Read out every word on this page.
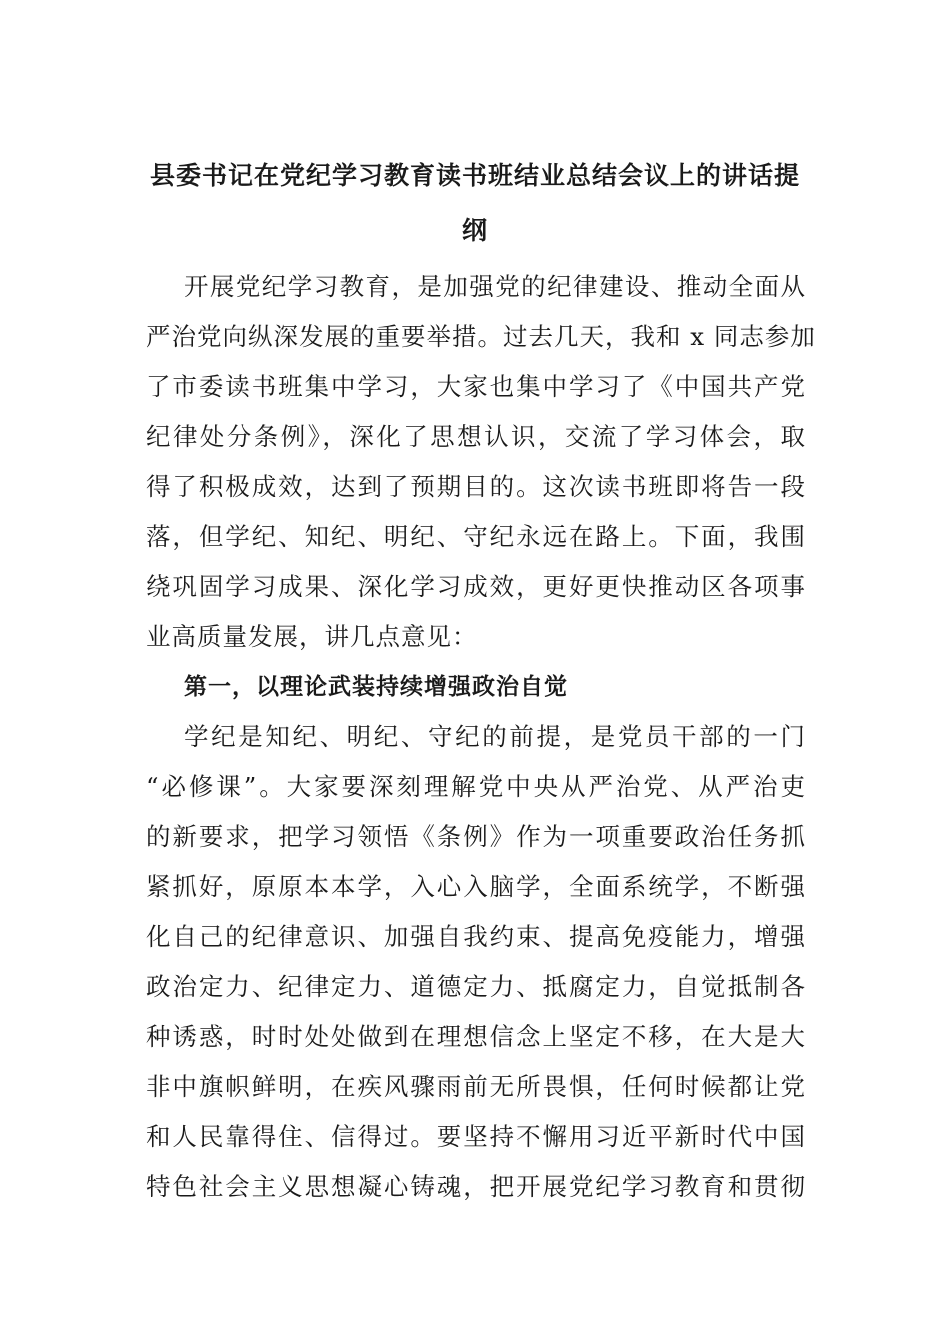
县委书记在党纪学习教育读书班结业总结会议上的讲话提
纲
开展党纪学习教育，是加强党的纪律建设、推动全面从
严治党向纵深发展的重要举措。过去几天，我和 x 同志参加
了市委读书班集中学习，大家也集中学习了《中国共产党
纪律处分条例》，深化了思想认识，交流了学习体会，取
得了积极成效，达到了预期目的。这次读书班即将告一段
落，但学纪、知纪、明纪、守纪永远在路上。下面，我围
绕巩固学习成果、深化学习成效，更好更快推动区各项事
业高质量发展，讲几点意见：
第一，以理论武装持续增强政治自觉
学纪是知纪、明纪、守纪的前提，是党员干部的一门
“必修课”。大家要深刻理解党中央从严治党、从严治吏
的新要求，把学习领悟《条例》作为一项重要政治任务抓
紧抓好，原原本本学，入心入脑学，全面系统学，不断强
化自己的纪律意识、加强自我约束、提高免疫能力，增强
政治定力、纪律定力、道德定力、抵腐定力，自觉抵制各
种诱惑，时时处处做到在理想信念上坚定不移，在大是大
非中旗帜鲜明，在疾风骤雨前无所畏惧，任何时候都让党
和人民靠得住、信得过。要坚持不懈用习近平新时代中国
特色社会主义思想凝心铸魂，把开展党纪学习教育和贯彻
